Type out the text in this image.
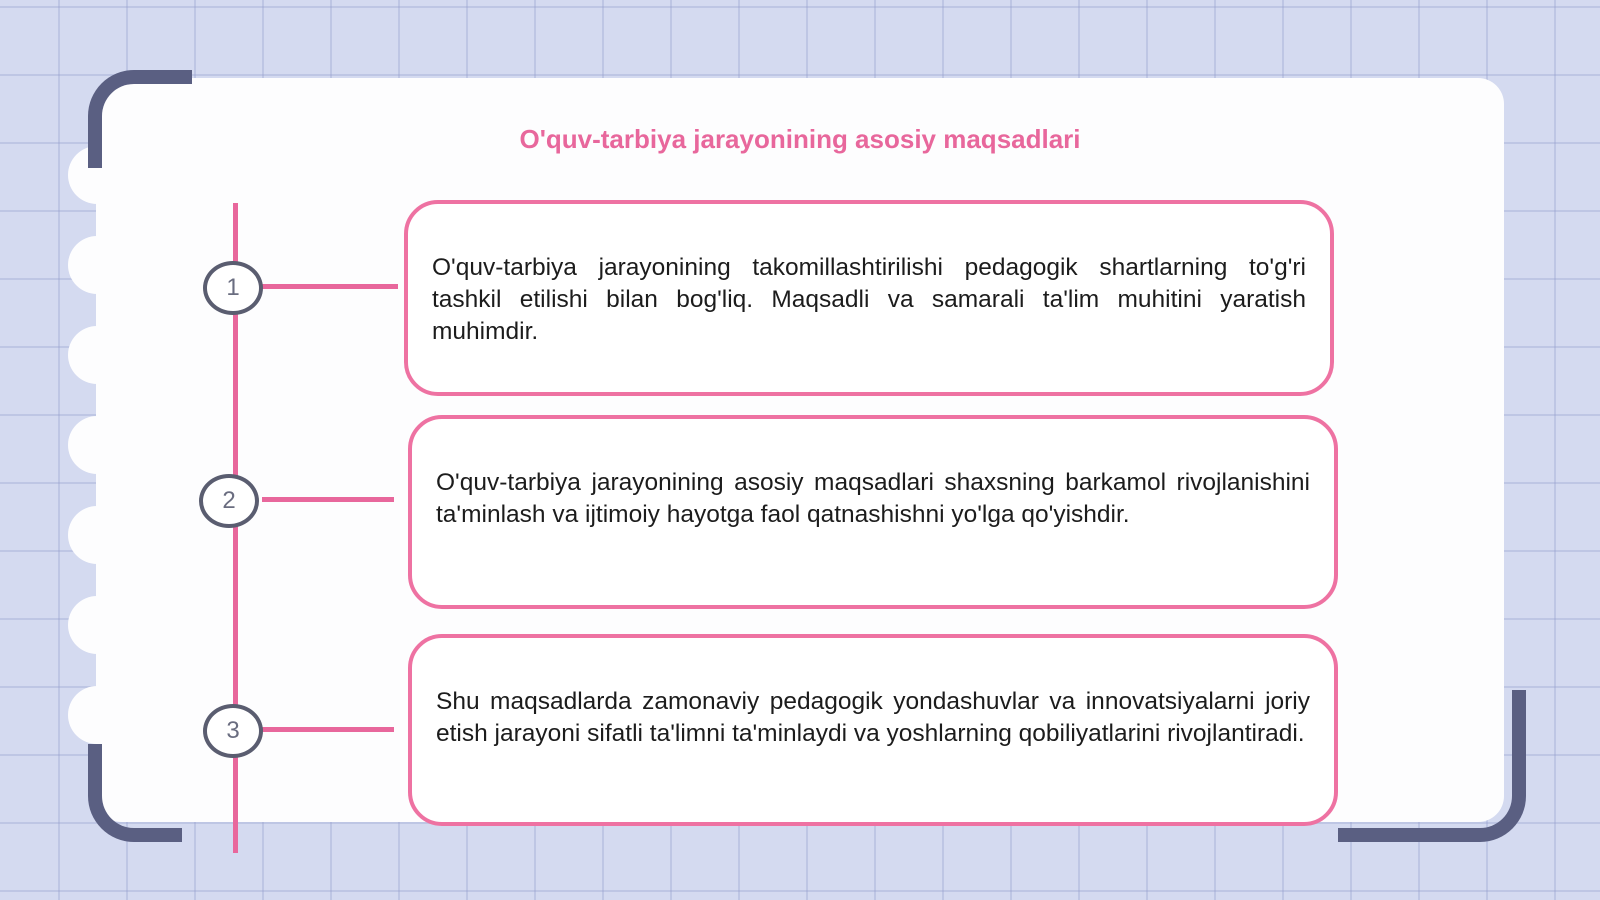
O'quv-tarbiya jarayonining asosiy maqsadlari
1

O'quv-tarbiya jarayonining takomillashtirilishi pedagogik shartlarning to'g'ri tashkil etilishi bilan bog'liq. Maqsadli va samarali ta'lim muhitini yaratish muhimdir.

2

O'quv-tarbiya jarayonining asosiy maqsadlari shaxsning barkamol rivojlanishini ta'minlash va ijtimoiy hayotga faol qatnashishni yo'lga qo'yishdir.

3

Shu maqsadlarda zamonaviy pedagogik yondashuvlar va innovatsiyalarni joriy etish jarayoni sifatli ta'limni ta'minlaydi va yoshlarning qobiliyatlarini rivojlantiradi.
